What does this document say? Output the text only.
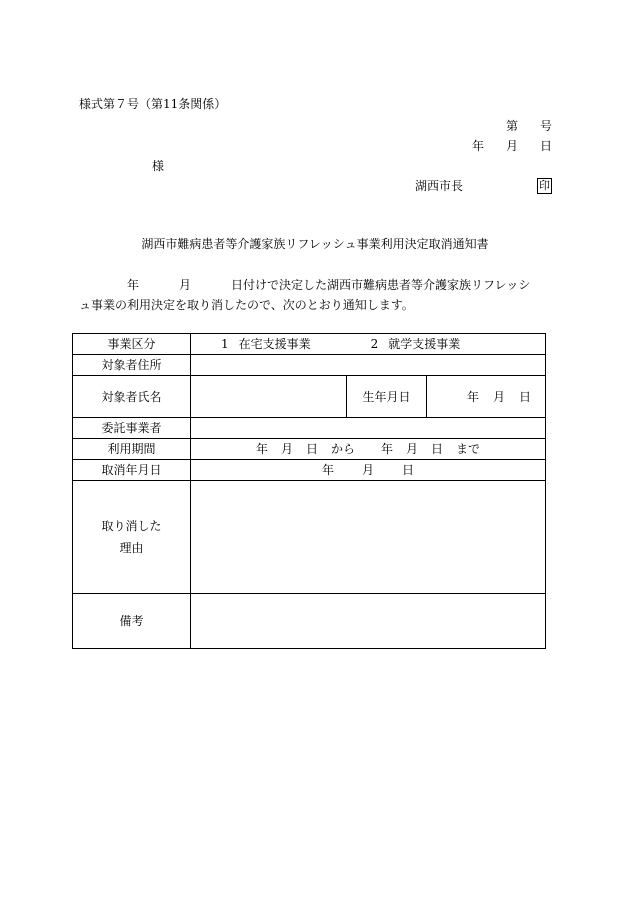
様式第７号（第11条関係）
第 号
年 月 日
様
湖西市長	印
湖西市難病患者等介護家族リフレッシュ事業利用決定取消通知書
年	月	日付けで決定した湖西市難病患者等介護家族リフレッシュ事業の利用決定を取り消したので、次のとおり通知します。
事業区分	1 在宅支援事業 2 就学支援事業		
対象者住所			
対象者氏名		生年月日	年 月 日
委託事業者			
利用期間	年 月 日 から 年 月 日 まで		
取消年月日	年 月 日		
取り消した
理由			
備考			
